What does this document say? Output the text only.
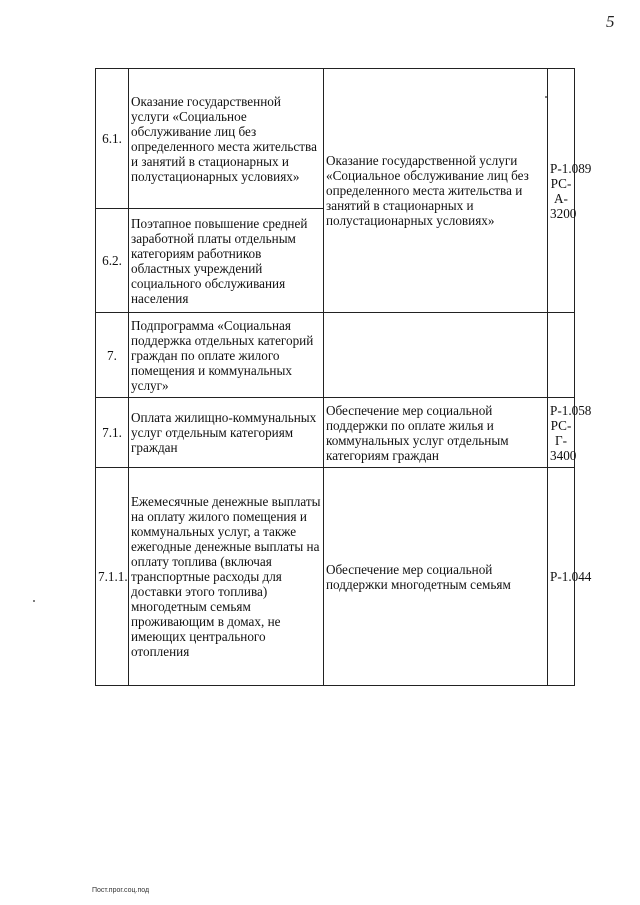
5
6.1.	Оказание государственной услуги «Социальное обслуживание лиц без определенного места жительства и занятий в стационарных и полустационарных условиях»	Оказание государственной услуги «Социальное обслуживание лиц без определенного места жительства и занятий в стационарных и полустационарных условиях»	Р-1.089
РС-А-
3200

6.2.	Поэтапное повышение средней заработной платы отдельным категориям работников областных учреждений социального обслуживания населения		
7.	Подпрограмма «Социальная поддержка отдельных категорий граждан по оплате жилого помещения и коммунальных услуг»		
7.1.	Оплата жилищно-коммунальных услуг отдельным категориям граждан	Обеспечение мер социальной поддержки по оплате жилья и коммунальных услуг отдельным категориям граждан	Р-1.058
РС-Г-
3400

7.1.1.	Ежемесячные денежные выплаты на оплату жилого помещения и коммунальных услуг, а также ежегодные денежные выплаты на оплату топлива (включая транспортные расходы для доставки этого топлива) многодетным семьям проживающим в домах, не имеющих центрального отопления	Обеспечение мер социальной поддержки многодетным семьям	Р-1.044
Пост.прог.соц.под
